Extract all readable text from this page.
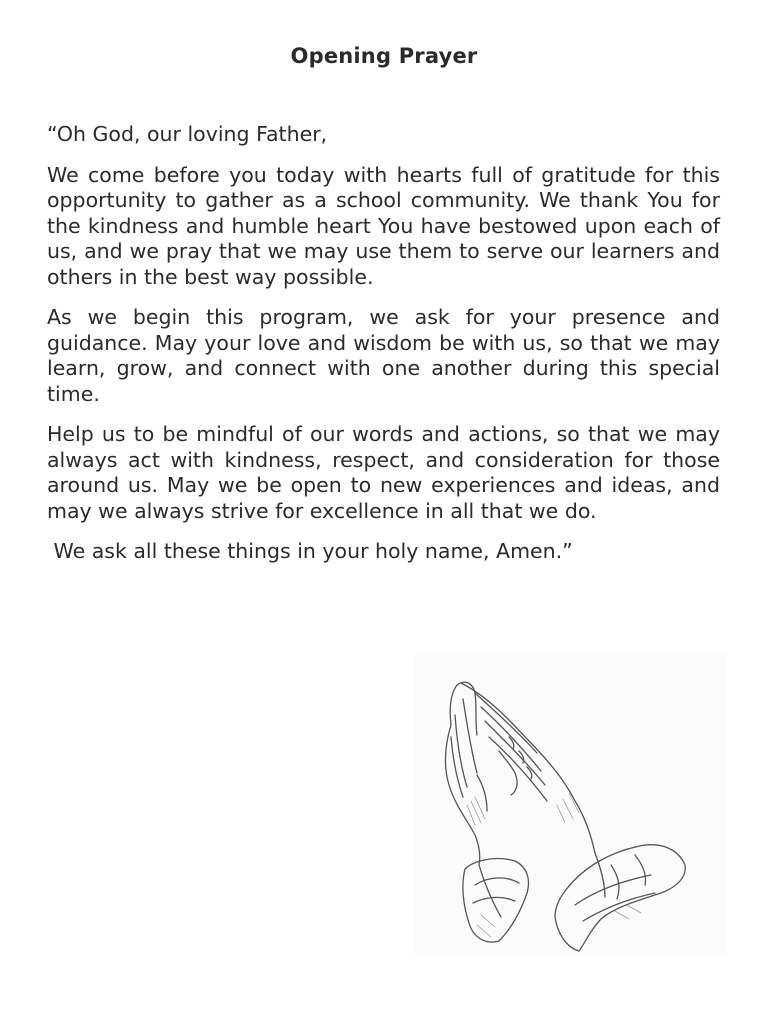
Opening Prayer

“Oh God, our loving Father,

We come before you today with hearts full of gratitude for this opportunity to gather as a school community. We thank You for the kindness and humble heart You have bestowed upon each of us, and we pray that we may use them to serve our learners and others in the best way possible.

As we begin this program, we ask for your presence and guidance. May your love and wisdom be with us, so that we may learn, grow, and connect with one another during this special time.

Help us to be mindful of our words and actions, so that we may always act with kindness, respect, and consideration for those around us. May we be open to new experiences and ideas, and may we always strive for excellence in all that we do.

We ask all these things in your holy name, Amen.”
